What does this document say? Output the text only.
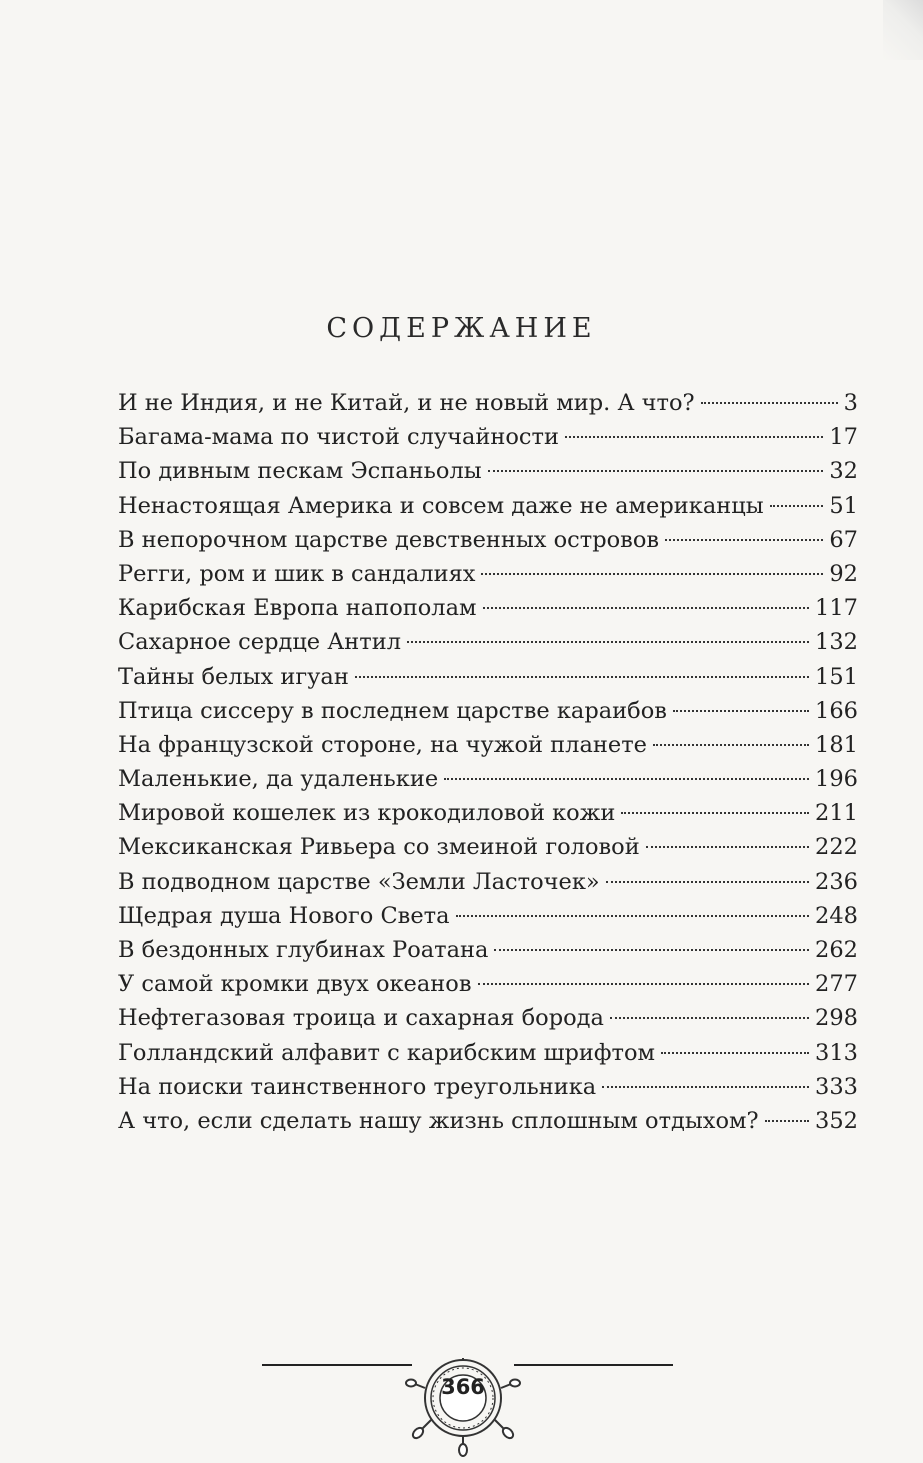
СОДЕРЖАНИЕ
И не Индия, и не Китай, и не новый мир. А что?	3
Багама-мама по чистой случайности	17
По дивным пескам Эспаньолы	32
Ненастоящая Америка и совсем даже не американцы	51
В непорочном царстве девственных островов	67
Регги, ром и шик в сандалиях	92
Карибская Европа напополам	117
Сахарное сердце Антил	132
Тайны белых игуан	151
Птица сиссеру в последнем царстве караибов	166
На французской стороне, на чужой планете	181
Маленькие, да удаленькие	196
Мировой кошелек из крокодиловой кожи	211
Мексиканская Ривьера со змеиной головой	222
В подводном царстве «Земли Ласточек»	236
Щедрая душа Нового Света	248
В бездонных глубинах Роатана	262
У самой кромки двух океанов	277
Нефтегазовая троица и сахарная борода	298
Голландский алфавит с карибским шрифтом	313
На поиски таинственного треугольника	333
А что, если сделать нашу жизнь сплошным отдыхом?	352
366
